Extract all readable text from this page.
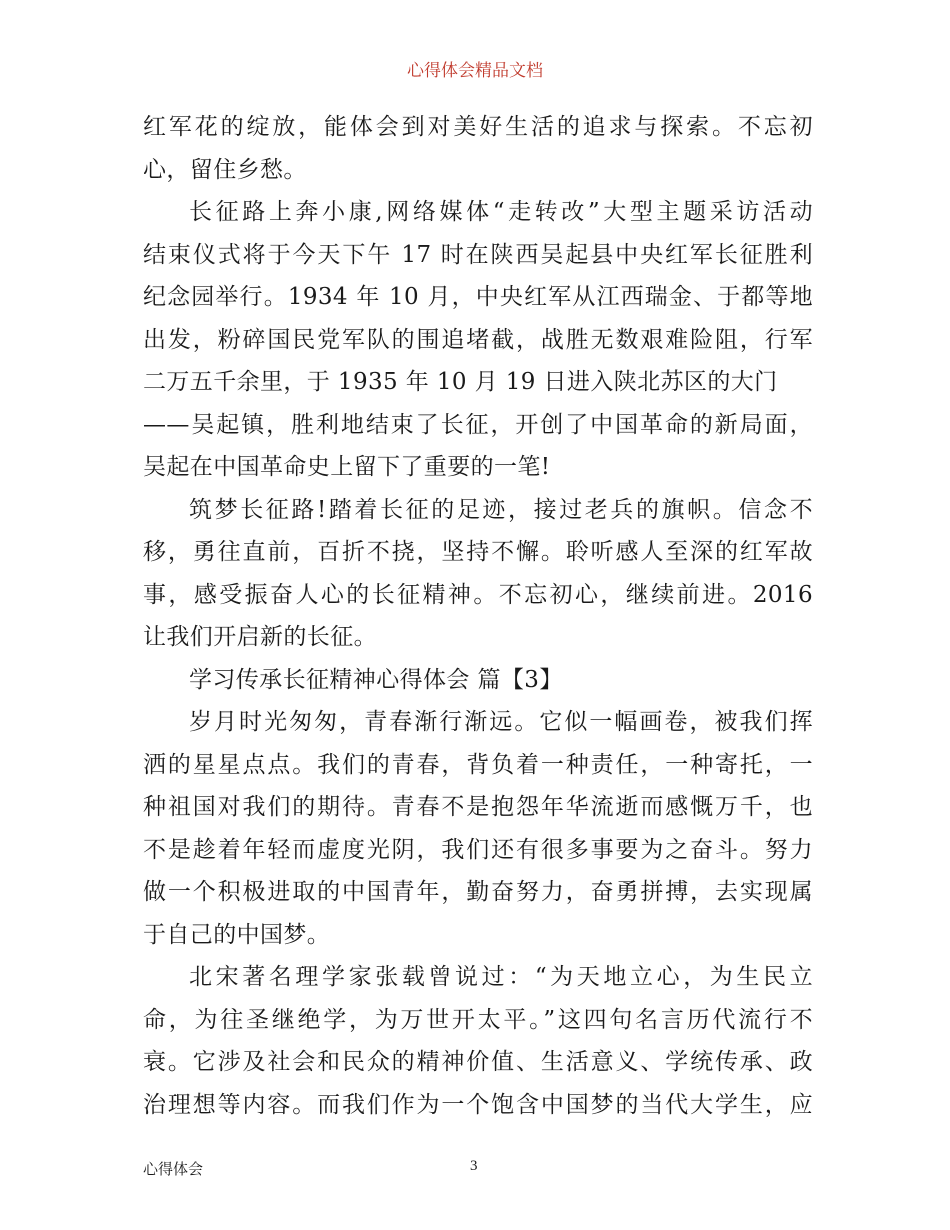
心得体会精品文档
红军花的绽放，能体会到对美好生活的追求与探索。不忘初
心，留住乡愁。
长征路上奔小康,网络媒体“走转改”大型主题采访活动
结束仪式将于今天下午 17 时在陕西吴起县中央红军长征胜利
纪念园举行。1934 年 10 月，中央红军从江西瑞金、于都等地
出发，粉碎国民党军队的围追堵截，战胜无数艰难险阻，行军
二万五千余里，于 1935 年 10 月 19 日进入陕北苏区的大门
——吴起镇，胜利地结束了长征，开创了中国革命的新局面，
吴起在中国革命史上留下了重要的一笔!
筑梦长征路!踏着长征的足迹，接过老兵的旗帜。信念不
移，勇往直前，百折不挠，坚持不懈。聆听感人至深的红军故
事，感受振奋人心的长征精神。不忘初心，继续前进。2016
让我们开启新的长征。
学习传承长征精神心得体会 篇【3】
岁月时光匆匆，青春渐行渐远。它似一幅画卷，被我们挥
洒的星星点点。我们的青春，背负着一种责任，一种寄托，一
种祖国对我们的期待。青春不是抱怨年华流逝而感慨万千，也
不是趁着年轻而虚度光阴，我们还有很多事要为之奋斗。努力
做一个积极进取的中国青年，勤奋努力，奋勇拼搏，去实现属
于自己的中国梦。
北宋著名理学家张载曾说过：“为天地立心，为生民立
命，为往圣继绝学，为万世开太平。”这四句名言历代流行不
衰。它涉及社会和民众的精神价值、生活意义、学统传承、政
治理想等内容。而我们作为一个饱含中国梦的当代大学生，应
心得体会	3
